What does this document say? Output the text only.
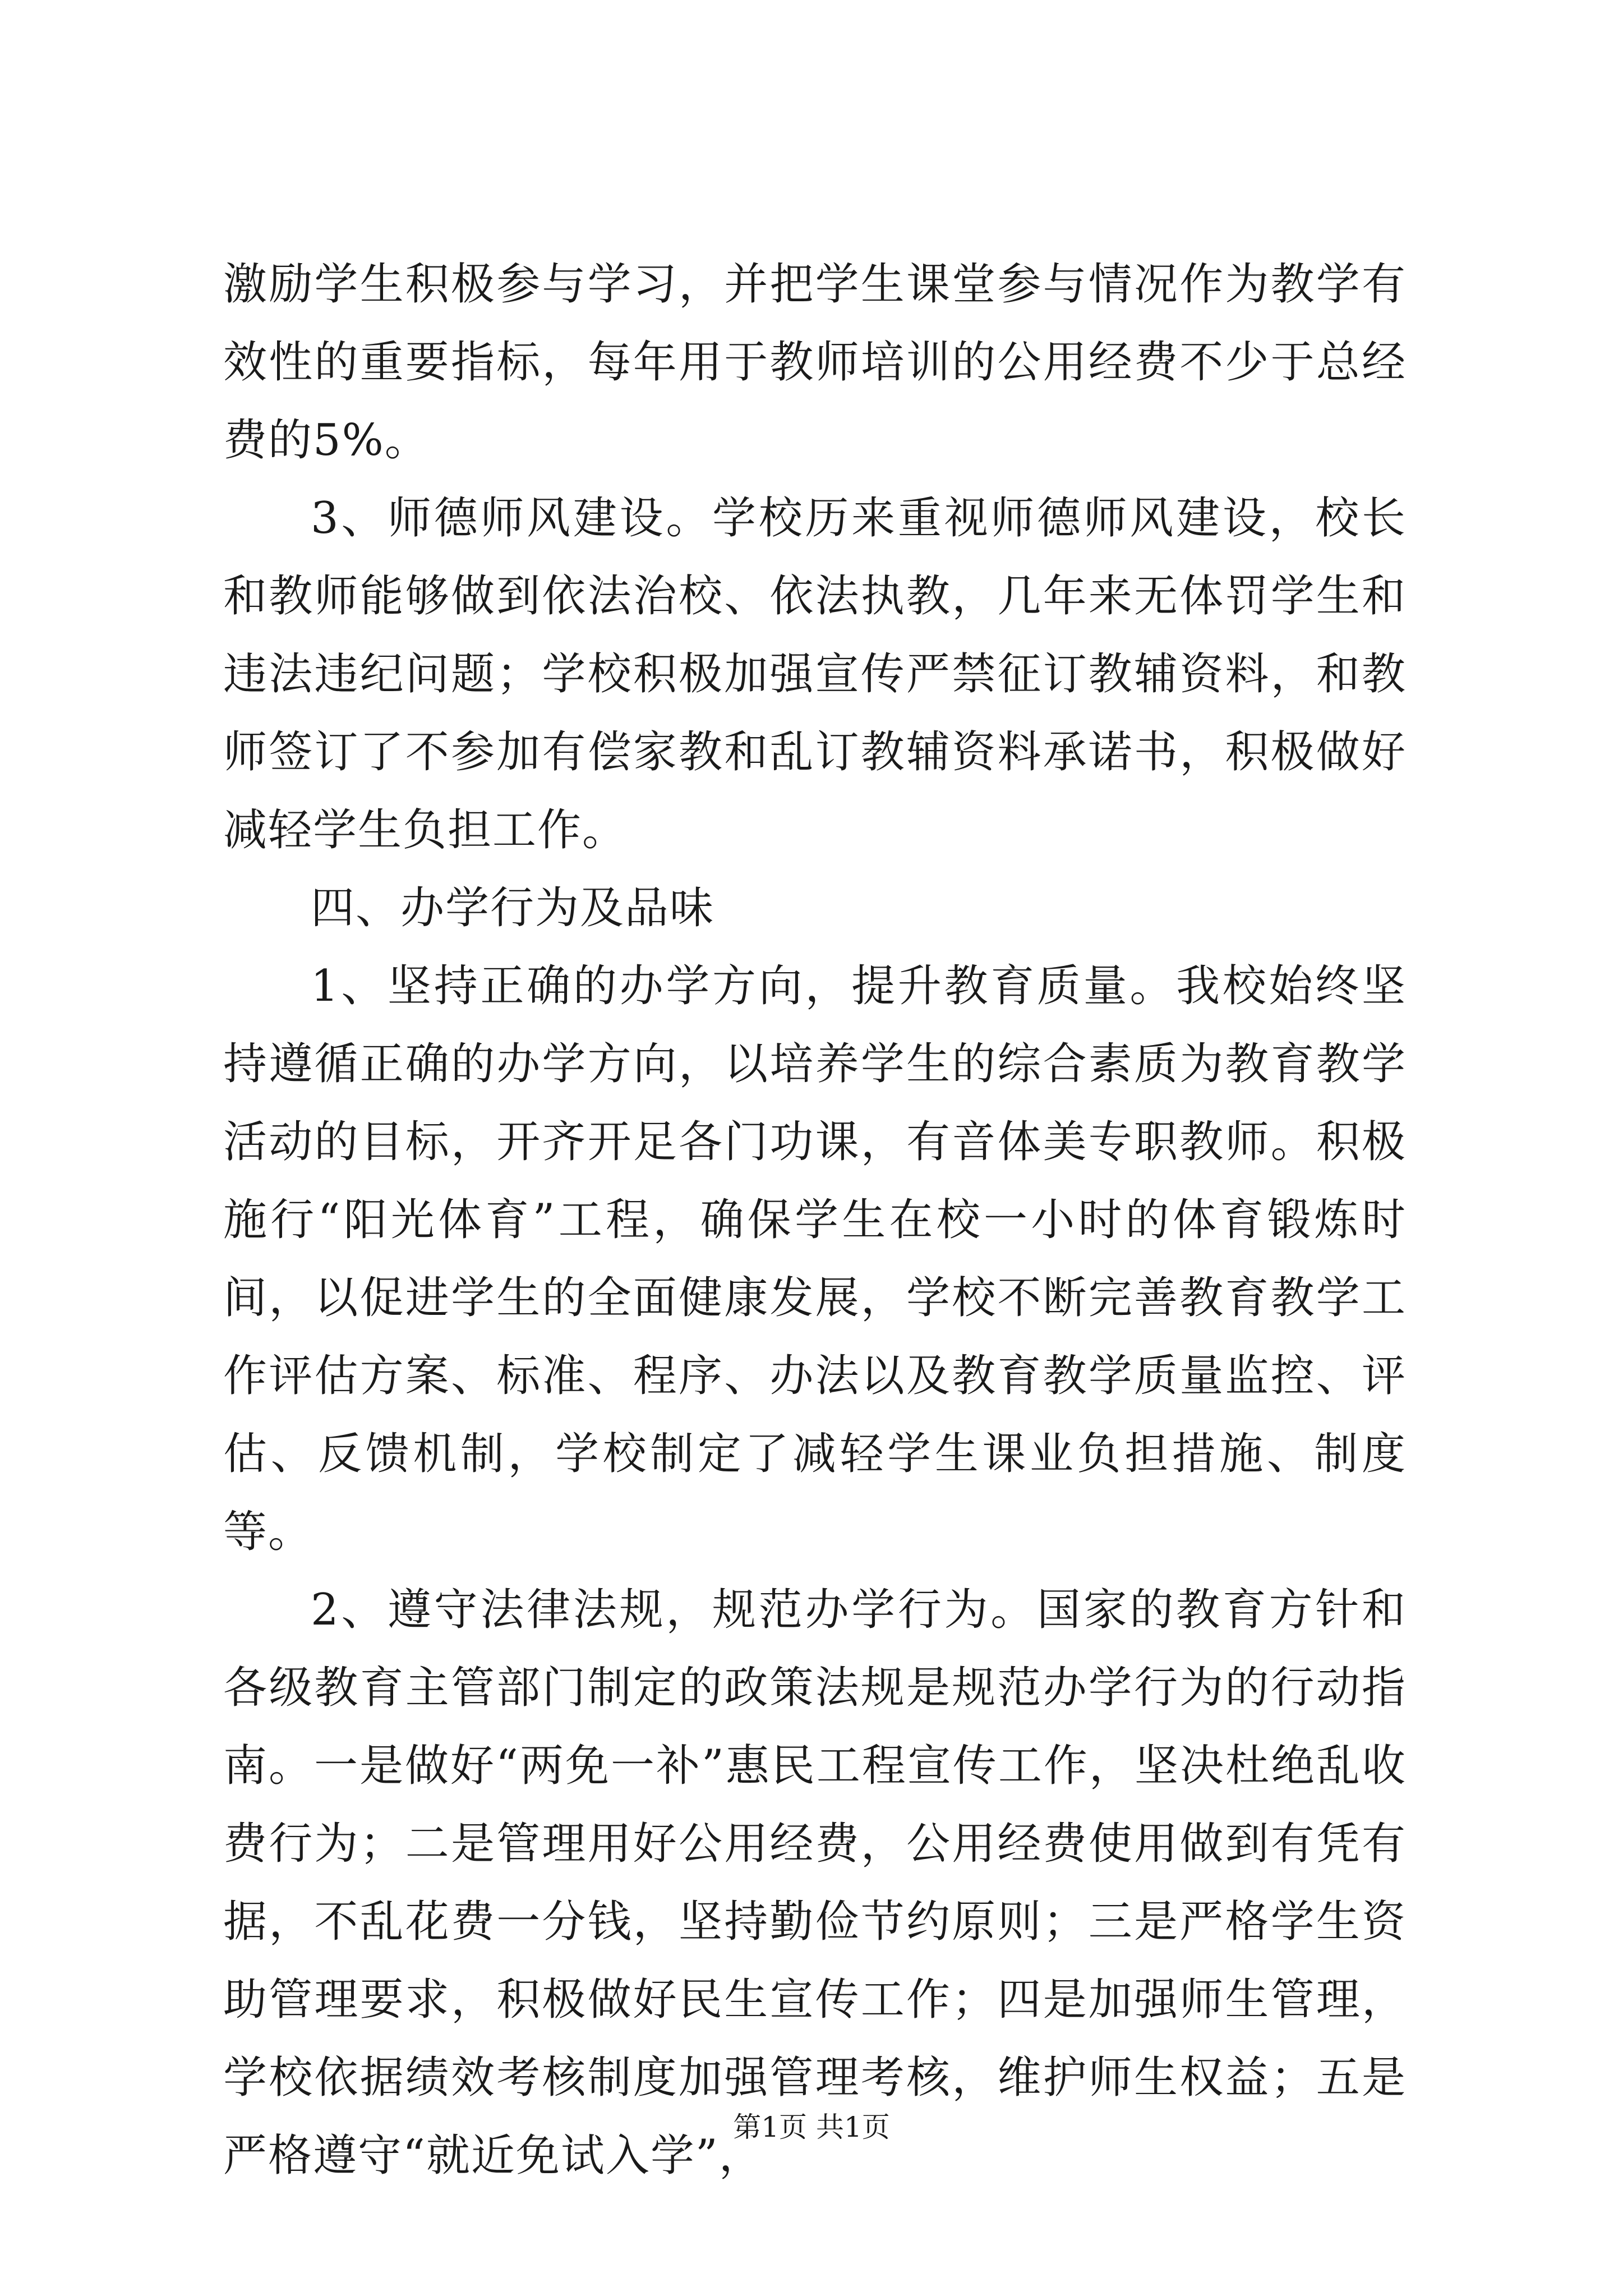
激励学生积极参与学习，并把学生课堂参与情况作为教学有效性的重要指标，每年用于教师培训的公用经费不少于总经费的5%。

3、师德师风建设。学校历来重视师德师风建设，校长和教师能够做到依法治校、依法执教，几年来无体罚学生和违法违纪问题；学校积极加强宣传严禁征订教辅资料，和教师签订了不参加有偿家教和乱订教辅资料承诺书，积极做好减轻学生负担工作。

四、办学行为及品味

1、坚持正确的办学方向，提升教育质量。我校始终坚持遵循正确的办学方向，以培养学生的综合素质为教育教学活动的目标，开齐开足各门功课，有音体美专职教师。积极施行“阳光体育”工程，确保学生在校一小时的体育锻炼时间，以促进学生的全面健康发展，学校不断完善教育教学工作评估方案、标准、程序、办法以及教育教学质量监控、评估、反馈机制，学校制定了减轻学生课业负担措施、制度等。

2、遵守法律法规，规范办学行为。国家的教育方针和各级教育主管部门制定的政策法规是规范办学行为的行动指南。一是做好“两免一补”惠民工程宣传工作，坚决杜绝乱收费行为；二是管理用好公用经费，公用经费使用做到有凭有据，不乱花费一分钱，坚持勤俭节约原则；三是严格学生资助管理要求，积极做好民生宣传工作；四是加强师生管理，学校依据绩效考核制度加强管理考核，维护师生权益；五是严格遵守“就近免试入学”，

第1页 共1页
